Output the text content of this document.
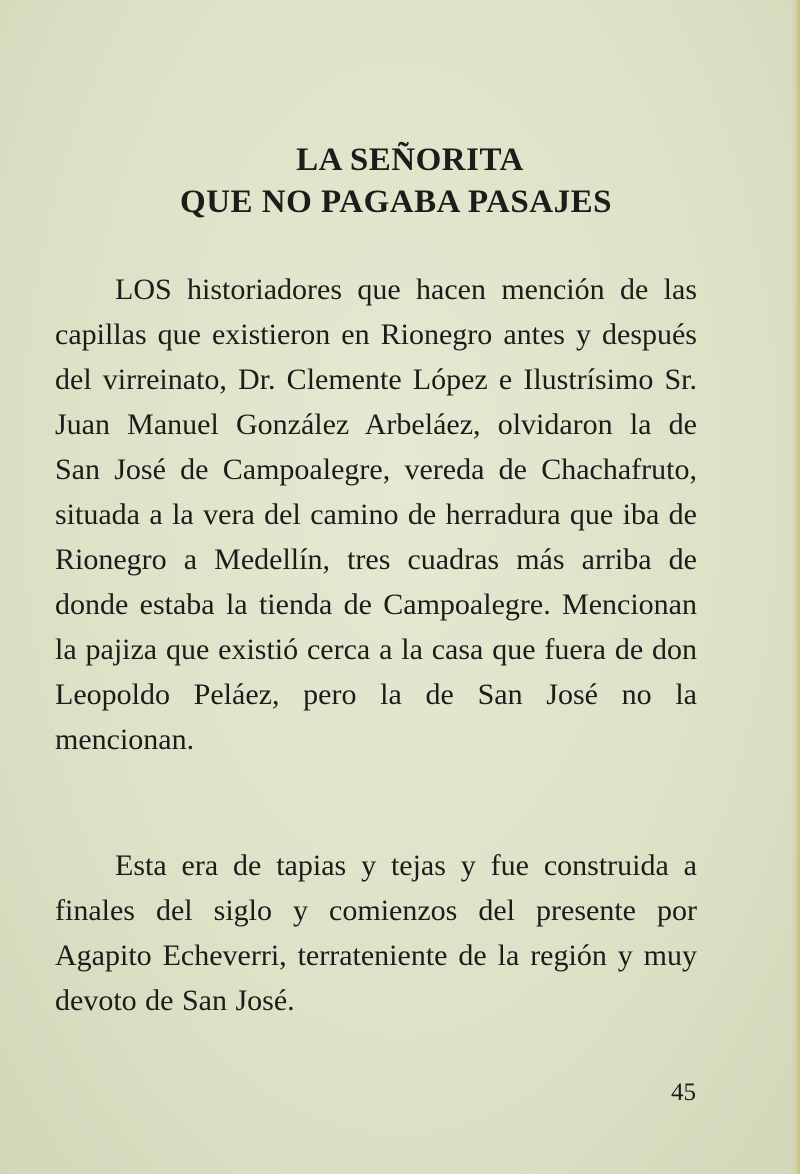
LA SEÑORITA
QUE NO PAGABA PASAJES

LOS historiadores que hacen mención de las capillas que existieron en Rionegro antes y después del virreinato, Dr. Clemente López e Ilustrísimo Sr. Juan Manuel González Arbeláez, olvidaron la de San José de Campoalegre, vereda de Chachafruto, situada a la vera del camino de herradura que iba de Rionegro a Medellín, tres cuadras más arriba de donde estaba la tienda de Campoalegre. Mencionan la pajiza que existió cerca a la casa que fuera de don Leopoldo Peláez, pero la de San José no la mencionan.

Esta era de tapias y tejas y fue construida a finales del siglo y comienzos del presente por Agapito Echeverri, terrateniente de la región y muy devoto de San José.

45
